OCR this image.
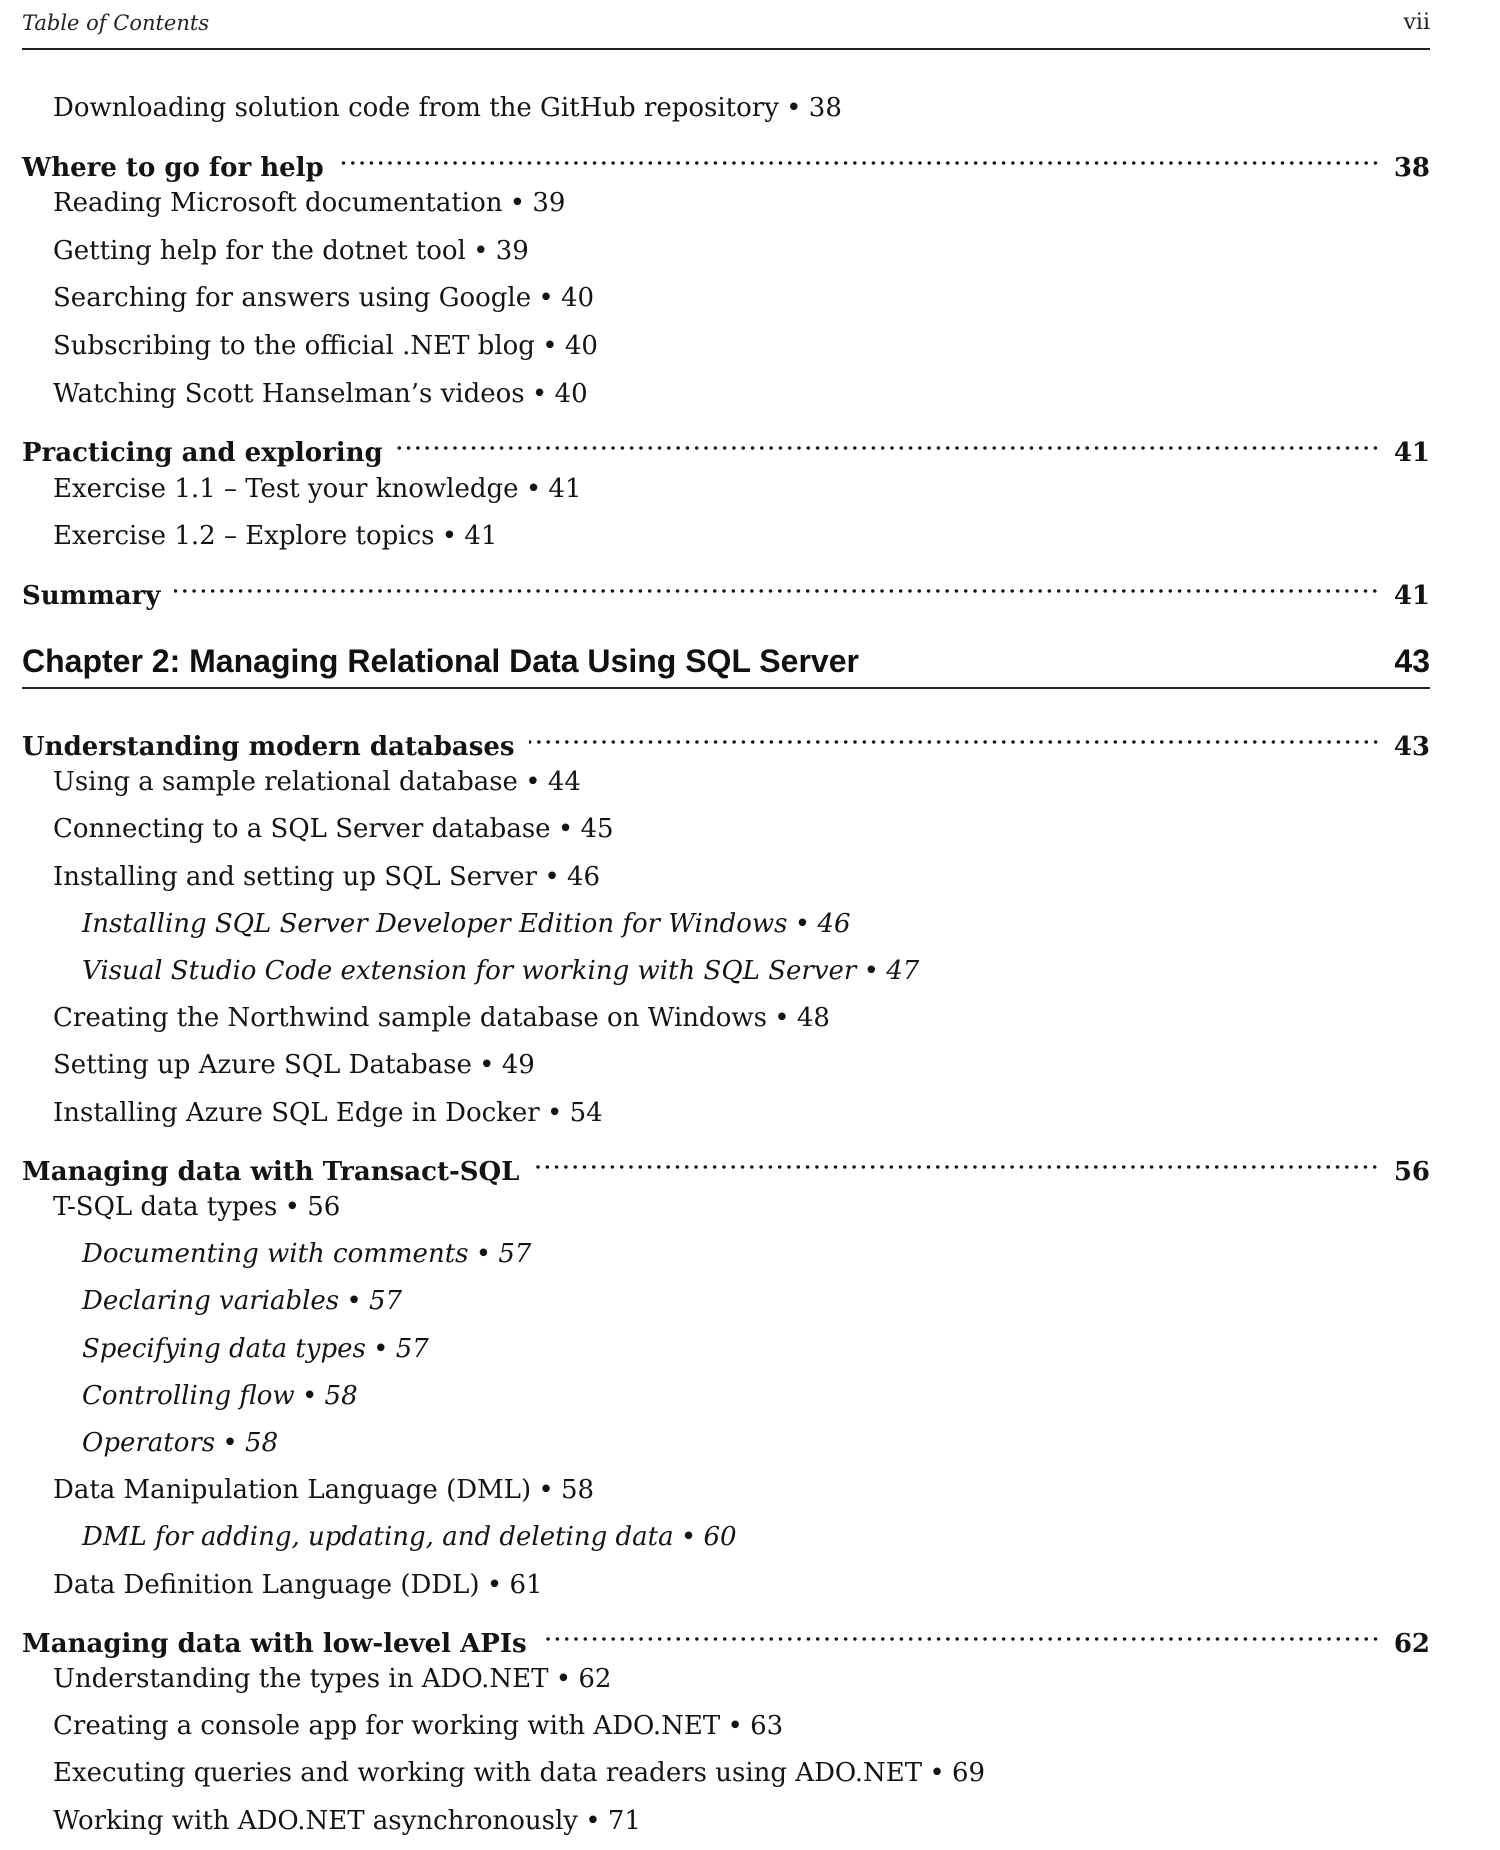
Table of Contents	vii
Downloading solution code from the GitHub repository • 38
Where to go for help	38
Reading Microsoft documentation • 39
Getting help for the dotnet tool • 39
Searching for answers using Google • 40
Subscribing to the official .NET blog • 40
Watching Scott Hanselman’s videos • 40
Practicing and exploring	41
Exercise 1.1 – Test your knowledge • 41
Exercise 1.2 – Explore topics • 41
Summary	41
Chapter 2: Managing Relational Data Using SQL Server	43
Understanding modern databases	43
Using a sample relational database • 44
Connecting to a SQL Server database • 45
Installing and setting up SQL Server • 46
Installing SQL Server Developer Edition for Windows • 46
Visual Studio Code extension for working with SQL Server • 47
Creating the Northwind sample database on Windows • 48
Setting up Azure SQL Database • 49
Installing Azure SQL Edge in Docker • 54
Managing data with Transact-SQL	56
T-SQL data types • 56
Documenting with comments • 57
Declaring variables • 57
Specifying data types • 57
Controlling flow • 58
Operators • 58
Data Manipulation Language (DML) • 58
DML for adding, updating, and deleting data • 60
Data Definition Language (DDL) • 61
Managing data with low-level APIs	62
Understanding the types in ADO.NET • 62
Creating a console app for working with ADO.NET • 63
Executing queries and working with data readers using ADO.NET • 69
Working with ADO.NET asynchronously • 71
